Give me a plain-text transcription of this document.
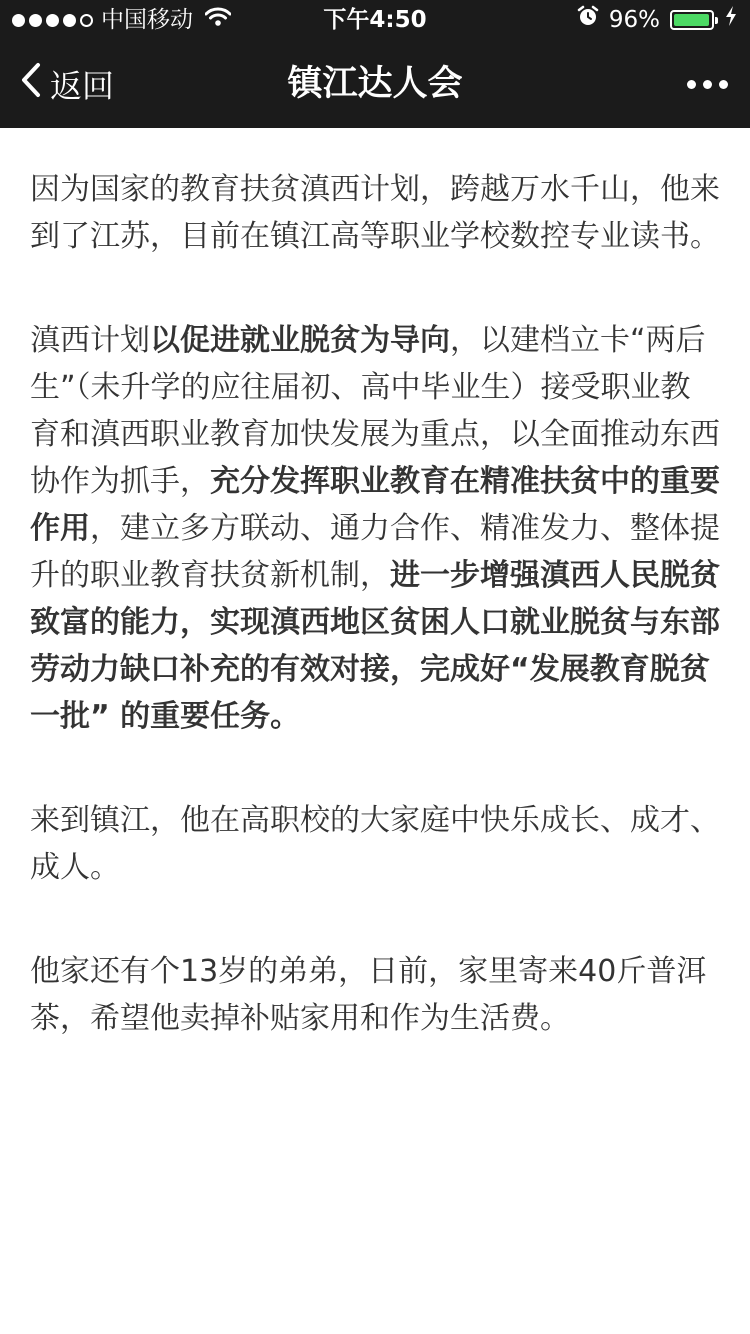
中国移动	下午4:50	96%
返回	镇江达人会

因为国家的教育扶贫滇西计划，跨越万水千山，他来到了江苏，目前在镇江高等职业学校数控专业读书。

滇西计划以促进就业脱贫为导向，以建档立卡“两后生”（未升学的应往届初、高中毕业生）接受职业教育和滇西职业教育加快发展为重点，以全面推动东西协作为抓手，充分发挥职业教育在精准扶贫中的重要作用，建立多方联动、通力合作、精准发力、整体提升的职业教育扶贫新机制，进一步增强滇西人民脱贫致富的能力，实现滇西地区贫困人口就业脱贫与东部劳动力缺口补充的有效对接，完成好“发展教育脱贫一批” 的重要任务。

来到镇江，他在高职校的大家庭中快乐成长、成才、成人。

他家还有个13岁的弟弟，日前，家里寄来40斤普洱茶，希望他卖掉补贴家用和作为生活费。
